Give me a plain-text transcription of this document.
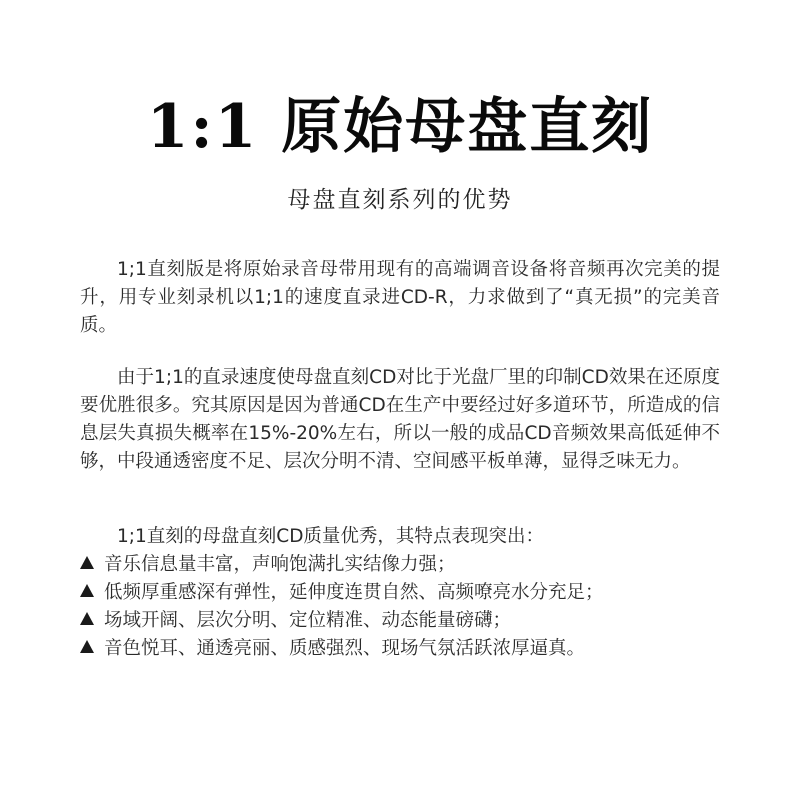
1:1 原始母盘直刻
母盘直刻系列的优势

1;1直刻版是将原始录音母带用现有的高端调音设备将音频再次完美的提升，用专业刻录机以1;1的速度直录进CD-R，力求做到了“真无损”的完美音质。

由于1;1的直录速度使母盘直刻CD对比于光盘厂里的印制CD效果在还原度要优胜很多。究其原因是因为普通CD在生产中要经过好多道环节，所造成的信息层失真损失概率在15%-20%左右，所以一般的成品CD音频效果高低延伸不够，中段通透密度不足、层次分明不清、空间感平板单薄，显得乏味无力。

1;1直刻的母盘直刻CD质量优秀，其特点表现突出：

音乐信息量丰富，声响饱满扎实结像力强；
低频厚重感深有弹性，延伸度连贯自然、高频嘹亮水分充足；
场域开阔、层次分明、定位精准、动态能量磅礴；
音色悦耳、通透亮丽、质感强烈、现场气氛活跃浓厚逼真。
